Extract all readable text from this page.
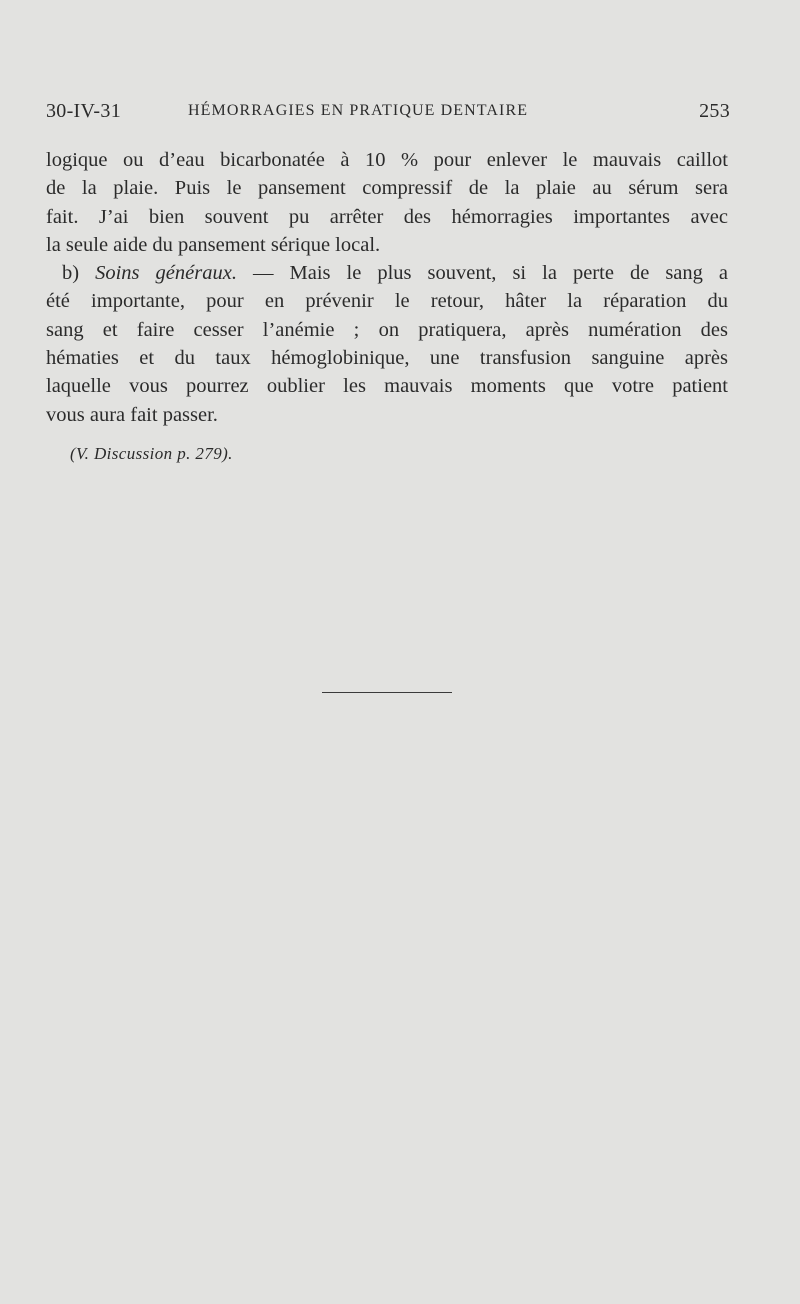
30-IV-31	HÉMORRAGIES EN PRATIQUE DENTAIRE	253
logique ou d’eau bicarbonatée à 10 % pour enlever le mauvais caillot
de la plaie. Puis le pansement compressif de la plaie au sérum sera
fait. J’ai bien souvent pu arrêter des hémorragies importantes avec
la seule aide du pansement sérique local.
b) Soins généraux. — Mais le plus souvent, si la perte de sang a
été importante, pour en prévenir le retour, hâter la réparation du
sang et faire cesser l’anémie ; on pratiquera, après numération des
hématies et du taux hémoglobinique, une transfusion sanguine après
laquelle vous pourrez oublier les mauvais moments que votre patient
vous aura fait passer.
(V. Discussion p. 279).
